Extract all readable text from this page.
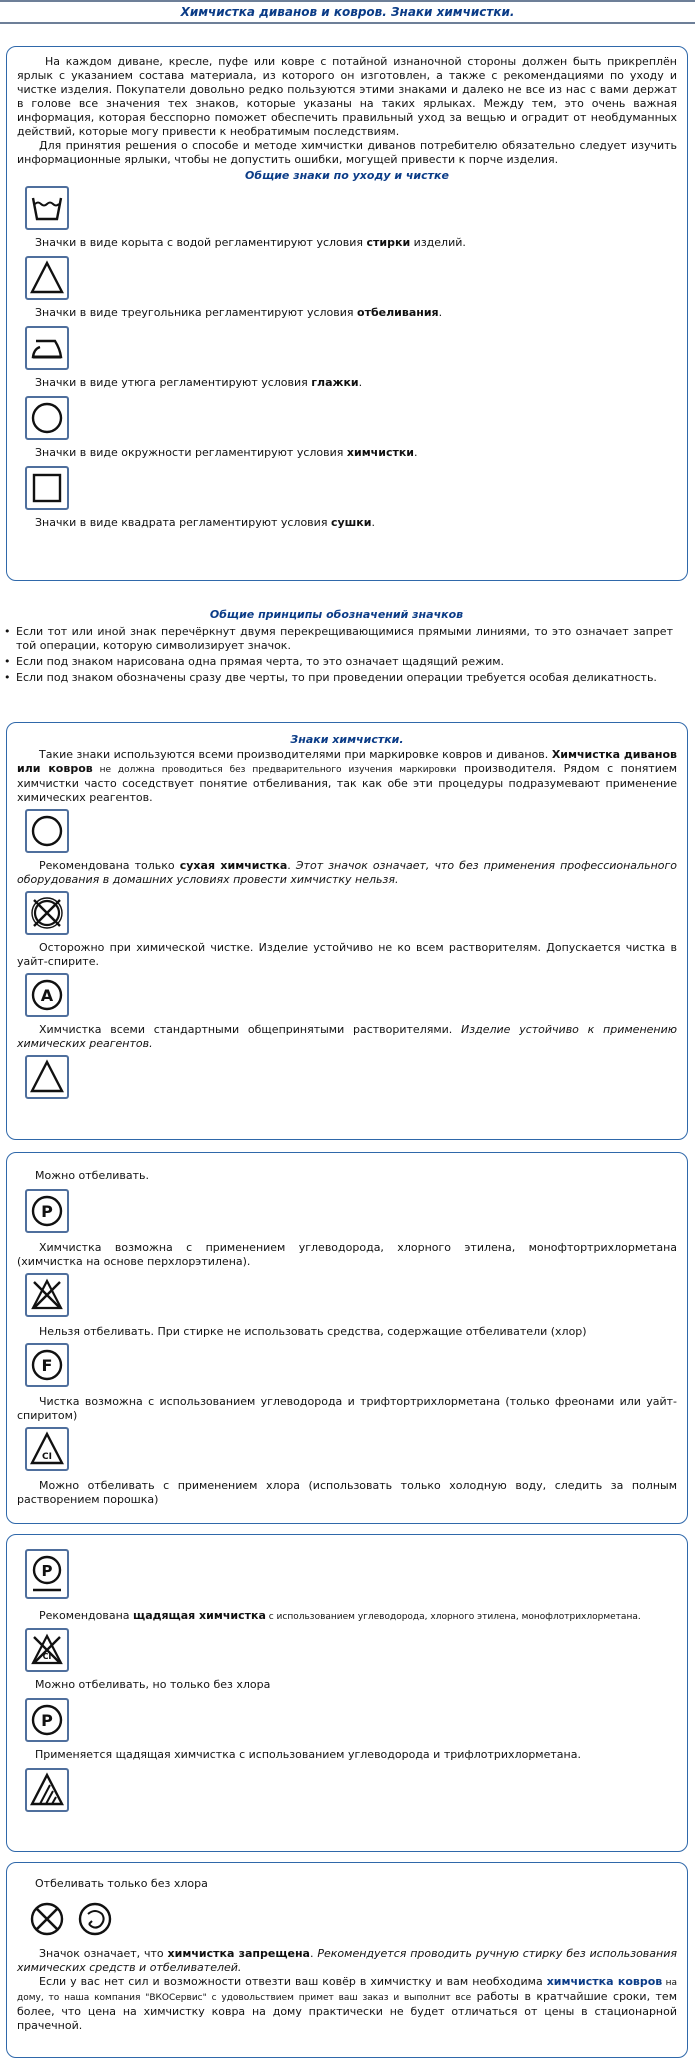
Химчистка диванов и ковров. Знаки химчистки.

На каждом диване, кресле, пуфе или ковре с потайной изнаночной стороны должен быть прикреплён ярлык с указанием состава материала, из которого он изготовлен, а также с рекомендациями по уходу и чистке изделия. Покупатели довольно редко пользуются этими знаками и далеко не все из нас с вами держат в голове все значения тех знаков, которые указаны на таких ярлыках. Между тем, это очень важная информация, которая бесспорно поможет обеспечить правильный уход за вещью и оградит от необдуманных действий, которые могу привести к необратимым последствиям.

Для принятия решения о способе и методе химчистки диванов потребителю обязательно следует изучить информационные ярлыки, чтобы не допустить ошибки, могущей привести к порче изделия.

Общие знаки по уходу и чистке
Значки в виде корыта с водой регламентируют условия стирки изделий.
Значки в виде треугольника регламентируют условия отбеливания.
Значки в виде утюга регламентируют условия глажки.
Значки в виде окружности регламентируют условия химчистки.
Значки в виде квадрата регламентируют условия сушки.
Общие принципы обозначений значков
• Если тот или иной знак перечёркнут двумя перекрещивающимися прямыми линиями, то это означает запрет той операции, которую символизирует значок.
• Если под знаком нарисована одна прямая черта, то это означает щадящий режим.
• Если под знаком обозначены сразу две черты, то при проведении операции требуется особая деликатность.
Знаки химчистки.

Такие знаки используются всеми производителями при маркировке ковров и диванов. Химчистка диванов или ковров не должна проводиться без предварительного изучения маркировки производителя. Рядом с понятием химчистки часто соседствует понятие отбеливания, так как обе эти процедуры подразумевают применение химических реагентов.

Рекомендована только сухая химчистка. Этот значок означает, что без применения профессионального оборудования в домашних условиях провести химчистку нельзя.

Осторожно при химической чистке. Изделие устойчиво не ко всем растворителям. Допускается чистка в уайт-спирите.

A

Химчистка всеми стандартными общепринятыми растворителями. Изделие устойчиво к применению химических реагентов.

Можно отбеливать.
P

Химчистка возможна с применением углеводорода, хлорного этилена, монофтортрихлорметана (химчистка на основе перхлорэтилена).

Нельзя отбеливать. При стирке не использовать средства, содержащие отбеливатели (хлор)

F

Чистка возможна с использованием углеводорода и трифтортрихлорметана (только фреонами или уайт-спиритом)

CI

Можно отбеливать с применением хлора (использовать только холодную воду, следить за полным растворением порошка)

P

Рекомендована щадящая химчистка с использованием углеводорода, хлорного этилена, монофлотрихлорметана.

CI
Можно отбеливать, но только без хлора
P
Применяется щадящая химчистка с использованием углеводорода и трифлотрихлорметана.
Отбеливать только без хлора

Значок означает, что химчистка запрещена. Рекомендуется проводить ручную стирку без использования химических средств и отбеливателей.

Если у вас нет сил и возможности отвезти ваш ковёр в химчистку и вам необходима химчистка ковров на дому, то наша компания "ВКОСервис" с удовольствием примет ваш заказ и выполнит все работы в кратчайшие сроки, тем более, что цена на химчистку ковра на дому практически не будет отличаться от цены в стационарной прачечной.
